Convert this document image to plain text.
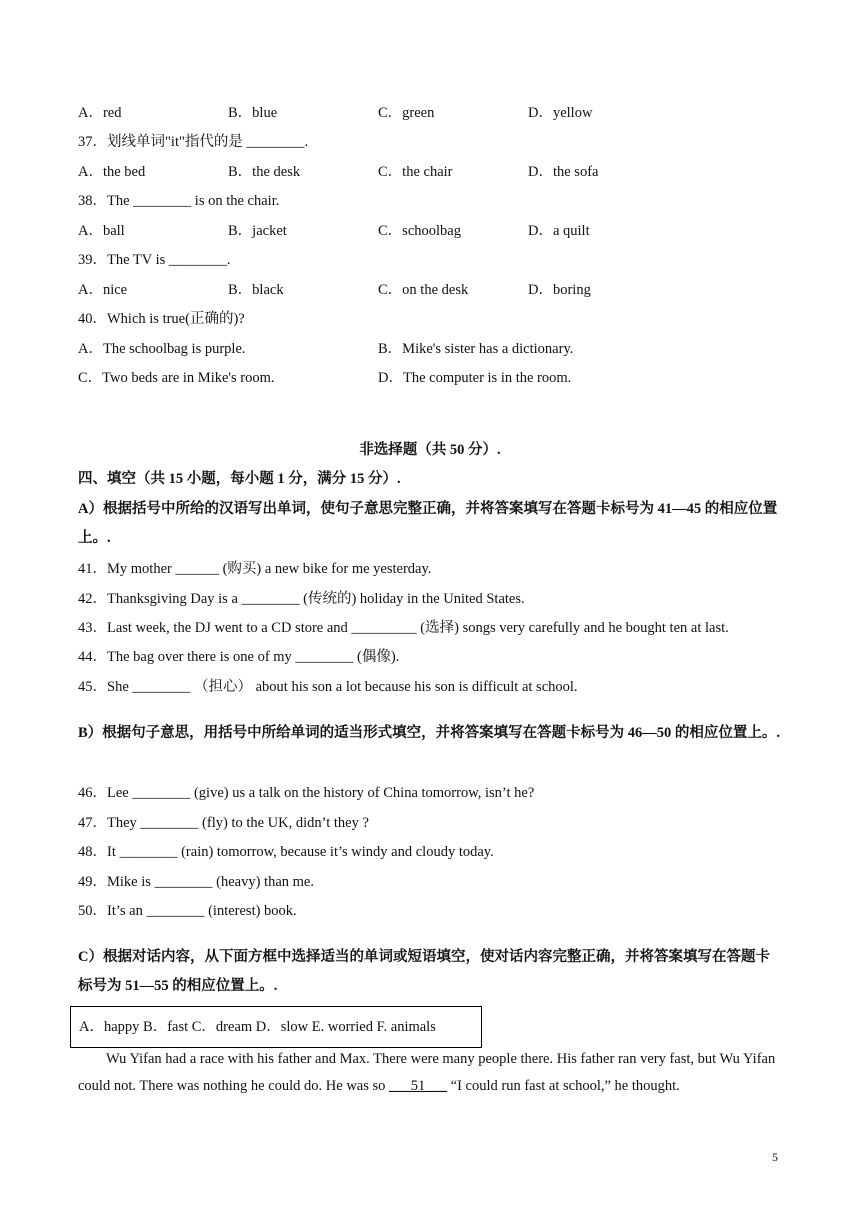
A．red	B．blue	C．green	D．yellow
37．划线单词"it"指代的是 ________.
A．the bed	B．the desk	C．the chair	D．the sofa
38．The ________ is on the chair.
A．ball	B．jacket	C．schoolbag	D．a quilt
39．The TV is ________.
A．nice	B．black	C．on the desk	D．boring
40．Which is true(正确的)?
A．The schoolbag is purple.	B．Mike's sister has a dictionary.
C．Two beds are in Mike's room.	D．The computer is in the room.
非选择题（共 50 分）.
四、填空（共 15 小题，每小题 1 分，满分 15 分）.
A）根据括号中所给的汉语写出单词，使句子意思完整正确，并将答案填写在答题卡标号为 41—45 的相应位置上。.
41．My mother ______ (购买) a new bike for me yesterday.
42．Thanksgiving Day is a ________ (传统的) holiday in the United States.
43．Last week, the DJ went to a CD store and _________ (选择) songs very carefully and he bought ten at last.
44．The bag over there is one of my ________ (偶像).
45．She ________ （担心） about his son a lot because his son is difficult at school.
B）根据句子意思，用括号中所给单词的适当形式填空，并将答案填写在答题卡标号为 46—50 的相应位置上。.
46．Lee ________ (give) us a talk on the history of China tomorrow, isn’t he?
47．They ________ (fly) to the UK, didn’t they ?
48．It ________ (rain) tomorrow, because it’s windy and cloudy today.
49．Mike is ________ (heavy) than me.
50．It’s an ________ (interest) book.
C）根据对话内容，从下面方框中选择适当的单词或短语填空，使对话内容完整正确，并将答案填写在答题卡标号为 51—55 的相应位置上。.
A．happy B．fast C．dream D．slow E. worried F. animals
Wu Yifan had a race with his father and Max. There were many people there. His father ran very fast, but Wu Yifan could not. There was nothing he could do. He was so ___51___ “I could run fast at school,” he thought.
5
